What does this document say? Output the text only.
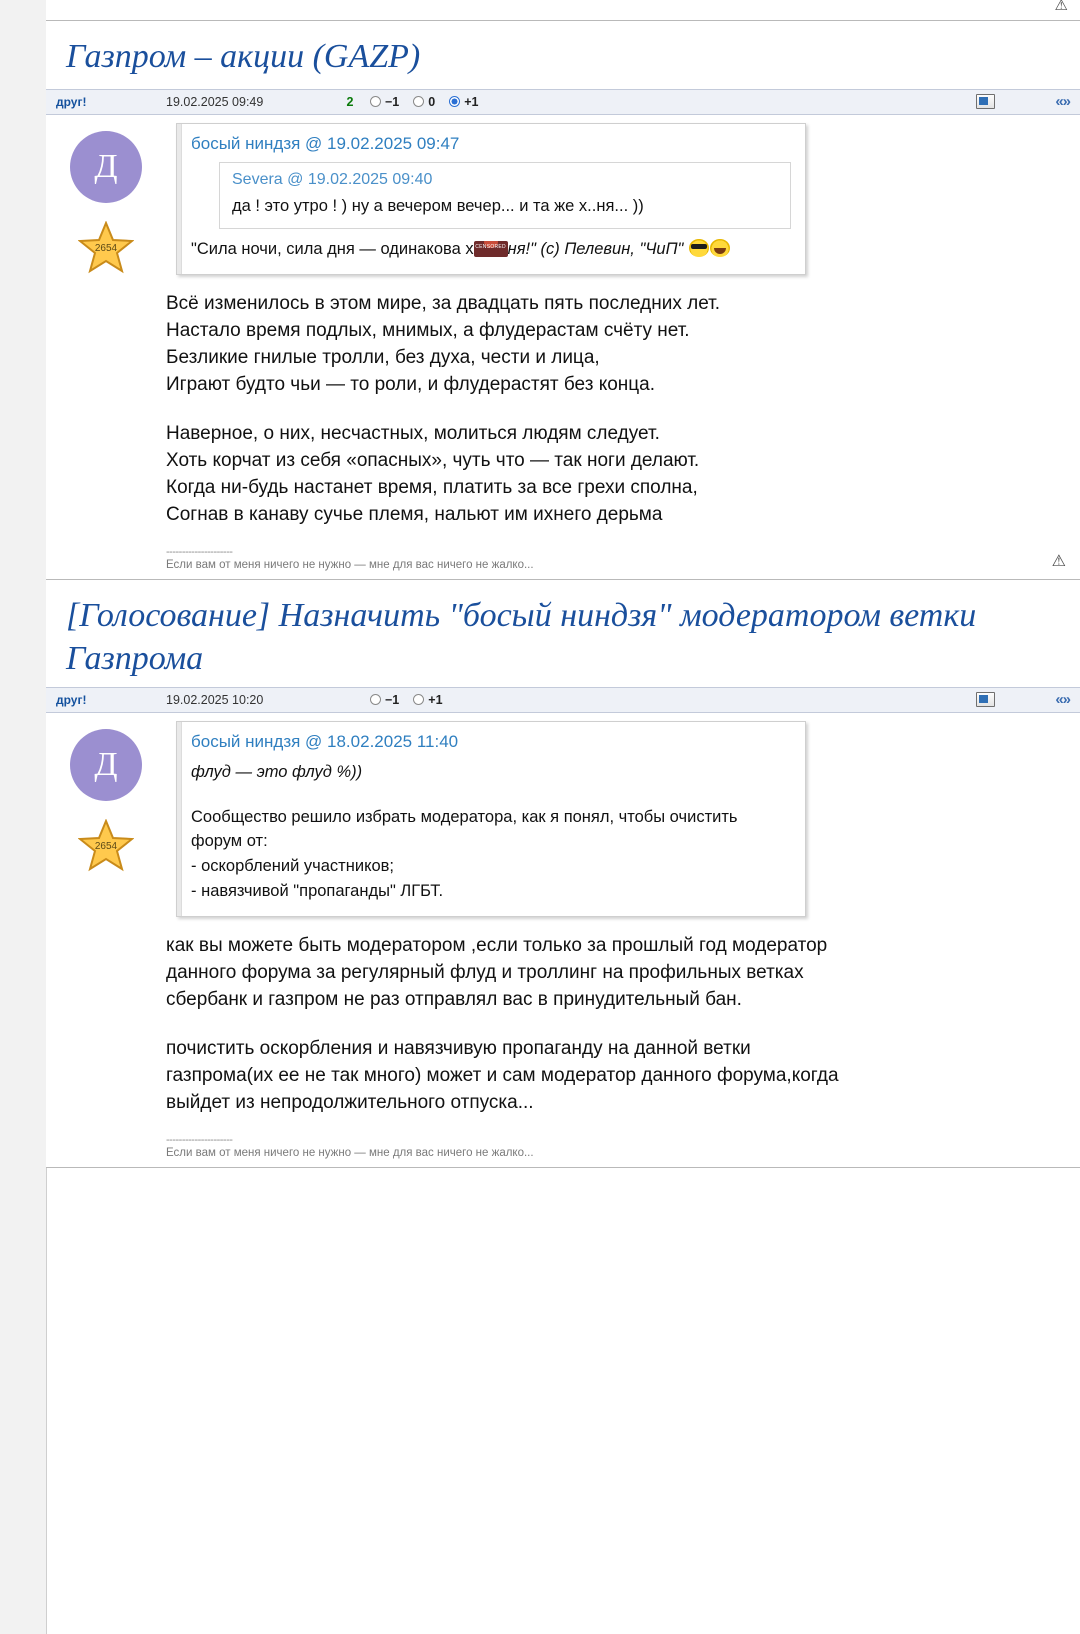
⚠
Газпром – акции (GAZP)
друг!	19.02.2025 09:49	2	−1 0 +1	«»
Д
2654
босый ниндзя @ 19.02.2025 09:47
Severa @ 19.02.2025 09:40
да ! это утро ! ) ну а вечером вечер... и та же х..ня... ))
"Сила ночи, сила дня — одинакова х CENSORED ня!" (с) Пелевин, "ЧиП"

Всё изменилось в этом мире, за двадцать пять последних лет.

Настало время подлых, мнимых, а флудерастам счёту нет.

Безликие гнилые тролли, без духа, чести и лица,

Играют будто чьи — то роли, и флудерастят без конца.

Наверное, о них, несчастных, молиться людям следует.

Хоть корчат из себя «опасных», чуть что — так ноги делают.

Когда ни-будь настанет время, платить за все грехи сполна,

Согнав в канаву сучье племя, нальют им ихнего дерьма

---------------------
Если вам от меня ничего не нужно — мне для вас ничего не жалко...	⚠
[Голосование] Назначить "босый ниндзя" модератором ветки Газпрома
друг!	19.02.2025 10:20	−1 +1	«»
Д
2654
босый ниндзя @ 18.02.2025 11:40
флуд — это флуд %))
Сообщество решило избрать модератора, как я понял, чтобы очистить форум от:
- оскорблений участников;
- навязчивой "пропаганды" ЛГБТ.

как вы можете быть модератором ,если только за прошлый год модератор данного форума за регулярный флуд и троллинг на профильных ветках сбербанк и газпром не раз отправлял вас в принудительный бан.

почистить оскорбления и навязчивую пропаганду на данной ветки газпрома(их ее не так много) может и сам модератор данного форума,когда выйдет из непродолжительного отпуска...

---------------------
Если вам от меня ничего не нужно — мне для вас ничего не жалко...
